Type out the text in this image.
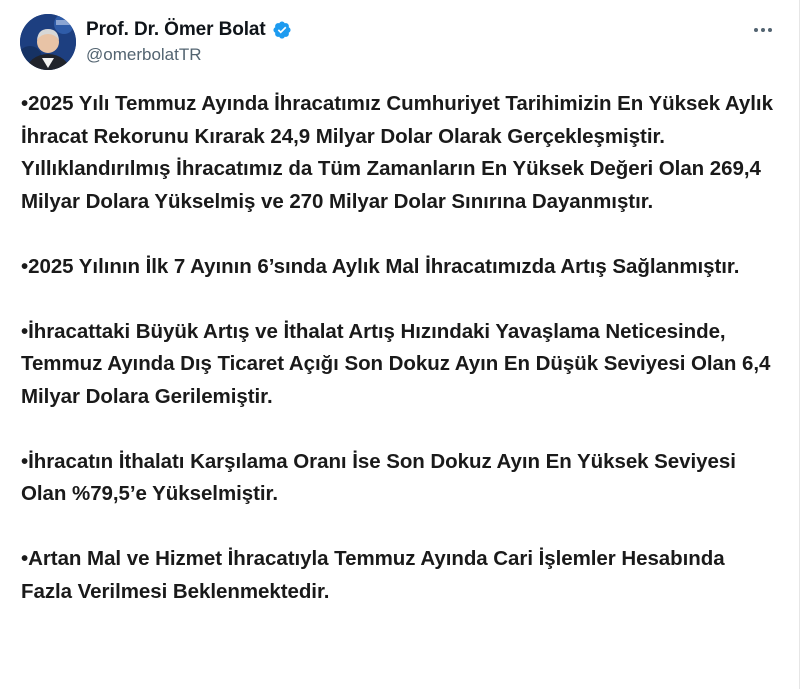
Prof. Dr. Ömer Bolat
@omerbolatTR

•2025 Yılı Temmuz Ayında İhracatımız Cumhuriyet Tarihimizin En Yüksek Aylık İhracat Rekorunu Kırarak 24,9 Milyar Dolar Olarak Gerçekleşmiştir. Yıllıklandırılmış İhracatımız da Tüm Zamanların En Yüksek Değeri Olan 269,4 Milyar Dolara Yükselmiş ve 270 Milyar Dolar Sınırına Dayanmıştır.

•2025 Yılının İlk 7 Ayının 6’sında Aylık Mal İhracatımızda Artış Sağlanmıştır.

•İhracattaki Büyük Artış ve İthalat Artış Hızındaki Yavaşlama Neticesinde, Temmuz Ayında Dış Ticaret Açığı Son Dokuz Ayın En Düşük Seviyesi Olan 6,4 Milyar Dolara Gerilemiştir.

•İhracatın İthalatı Karşılama Oranı İse Son Dokuz Ayın En Yüksek Seviyesi Olan %79,5’e Yükselmiştir.

•Artan Mal ve Hizmet İhracatıyla Temmuz Ayında Cari İşlemler Hesabında Fazla Verilmesi Beklenmektedir.
